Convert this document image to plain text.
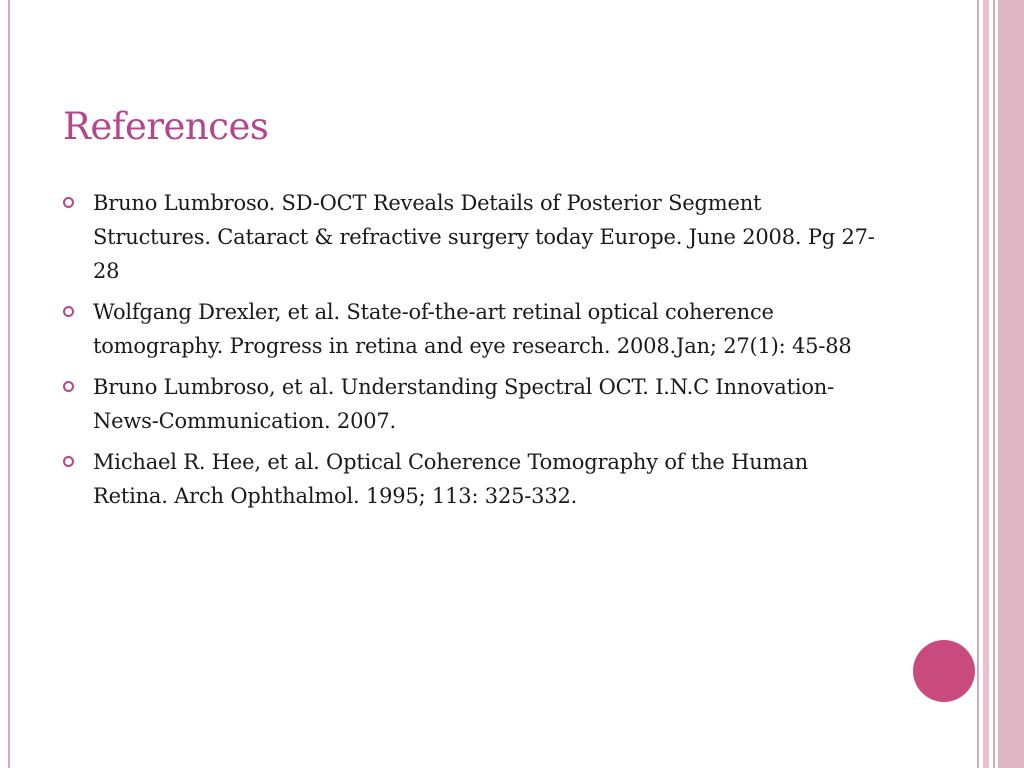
References
Bruno Lumbroso. SD-OCT Reveals Details of Posterior Segment Structures. Cataract & refractive surgery today Europe. June 2008. Pg 27-28
Wolfgang Drexler, et al. State-of-the-art retinal optical coherence tomography. Progress in retina and eye research. 2008.Jan; 27(1): 45-88
Bruno Lumbroso, et al. Understanding Spectral OCT. I.N.C Innovation-News-Communication. 2007.
Michael R. Hee, et al. Optical Coherence Tomography of the Human Retina. Arch Ophthalmol. 1995; 113: 325-332.
